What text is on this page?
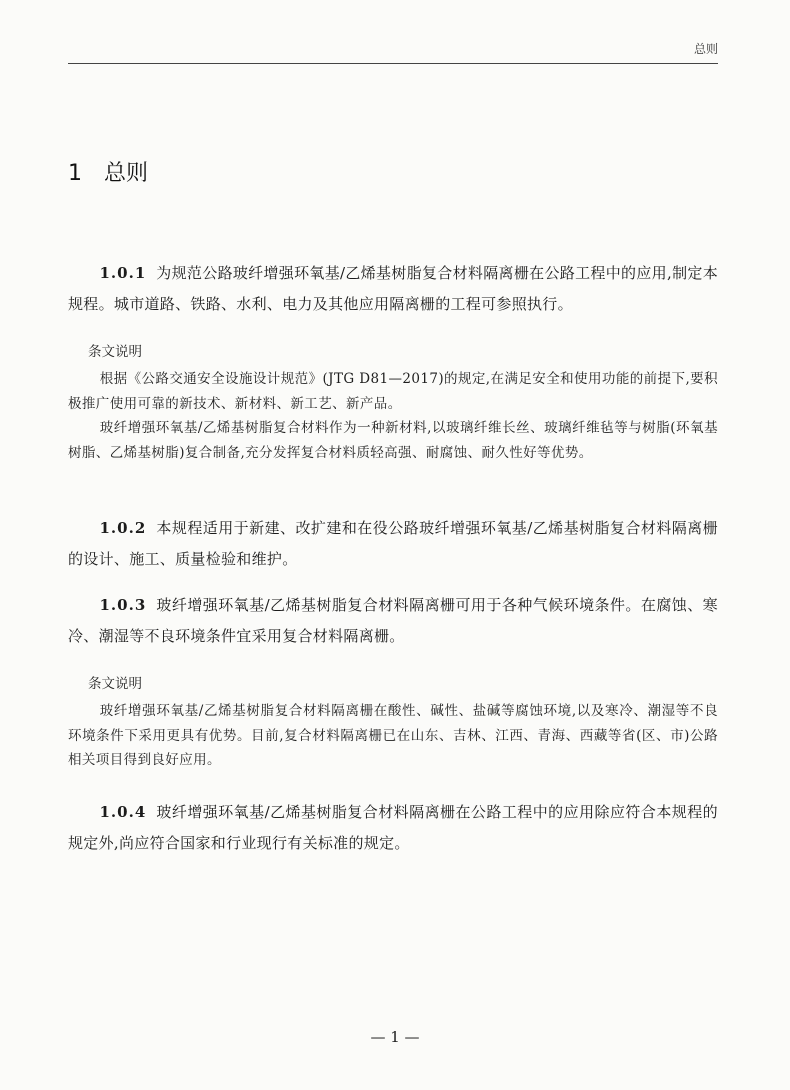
总则
1 总则

1.0.1 为规范公路玻纤增强环氧基/乙烯基树脂复合材料隔离栅在公路工程中的应用,制定本规程。城市道路、铁路、水利、电力及其他应用隔离栅的工程可参照执行。

条文说明

根据《公路交通安全设施设计规范》(JTG D81—2017)的规定,在满足安全和使用功能的前提下,要积极推广使用可靠的新技术、新材料、新工艺、新产品。

玻纤增强环氧基/乙烯基树脂复合材料作为一种新材料,以玻璃纤维长丝、玻璃纤维毡等与树脂(环氧基树脂、乙烯基树脂)复合制备,充分发挥复合材料质轻高强、耐腐蚀、耐久性好等优势。

1.0.2 本规程适用于新建、改扩建和在役公路玻纤增强环氧基/乙烯基树脂复合材料隔离栅的设计、施工、质量检验和维护。

1.0.3 玻纤增强环氧基/乙烯基树脂复合材料隔离栅可用于各种气候环境条件。在腐蚀、寒冷、潮湿等不良环境条件宜采用复合材料隔离栅。

条文说明

玻纤增强环氧基/乙烯基树脂复合材料隔离栅在酸性、碱性、盐碱等腐蚀环境,以及寒冷、潮湿等不良环境条件下采用更具有优势。目前,复合材料隔离栅已在山东、吉林、江西、青海、西藏等省(区、市)公路相关项目得到良好应用。

1.0.4 玻纤增强环氧基/乙烯基树脂复合材料隔离栅在公路工程中的应用除应符合本规程的规定外,尚应符合国家和行业现行有关标准的规定。

— 1 —
